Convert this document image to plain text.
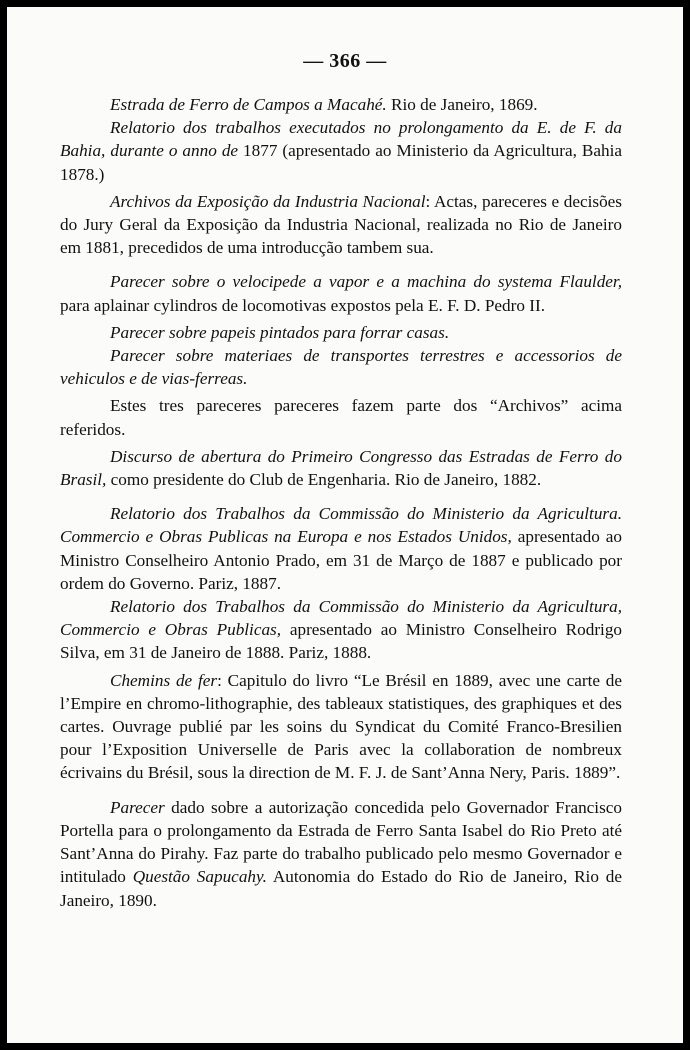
— 366 —

Estrada de Ferro de Campos a Macahé. Rio de Janeiro, 1869.

Relatorio dos trabalhos executados no prolongamento da E. de F. da Bahia, durante o anno de 1877 (apresentado ao Ministerio da Agricultura, Bahia 1878.)

Archivos da Exposição da Industria Nacional: Actas, pareceres e decisões do Jury Geral da Exposição da Industria Nacional, realizada no Rio de Janeiro em 1881, precedidos de uma introducção tambem sua.

Parecer sobre o velocipede a vapor e a machina do systema Flaulder, para aplainar cylindros de locomotivas expostos pela E. F. D. Pedro II.

Parecer sobre papeis pintados para forrar casas.

Parecer sobre materiaes de transportes terrestres e accessorios de vehiculos e de vias-ferreas.

Estes tres pareceres pareceres fazem parte dos “Archivos” acima referidos.

Discurso de abertura do Primeiro Congresso das Estradas de Ferro do Brasil, como presidente do Club de Engenharia. Rio de Janeiro, 1882.

Relatorio dos Trabalhos da Commissão do Ministerio da Agricultura. Commercio e Obras Publicas na Europa e nos Estados Unidos, apresentado ao Ministro Conselheiro Antonio Prado, em 31 de Março de 1887 e publicado por ordem do Governo. Pariz, 1887.

Relatorio dos Trabalhos da Commissão do Ministerio da Agricultura, Commercio e Obras Publicas, apresentado ao Ministro Conselheiro Rodrigo Silva, em 31 de Janeiro de 1888. Pariz, 1888.

Chemins de fer: Capitulo do livro “Le Brésil en 1889, avec une carte de l’Empire en chromo-lithographie, des tableaux statistiques, des graphiques et des cartes. Ouvrage publié par les soins du Syndicat du Comité Franco-Bresilien pour l’Exposition Universelle de Paris avec la collaboration de nombreux écrivains du Brésil, sous la direction de M. F. J. de Sant’Anna Nery, Paris. 1889”.

Parecer dado sobre a autorização concedida pelo Governador Francisco Portella para o prolongamento da Estrada de Ferro Santa Isabel do Rio Preto até Sant’Anna do Pirahy. Faz parte do trabalho publicado pelo mesmo Governador e intitulado Questão Sapucahy. Autonomia do Estado do Rio de Janeiro, Rio de Janeiro, 1890.
